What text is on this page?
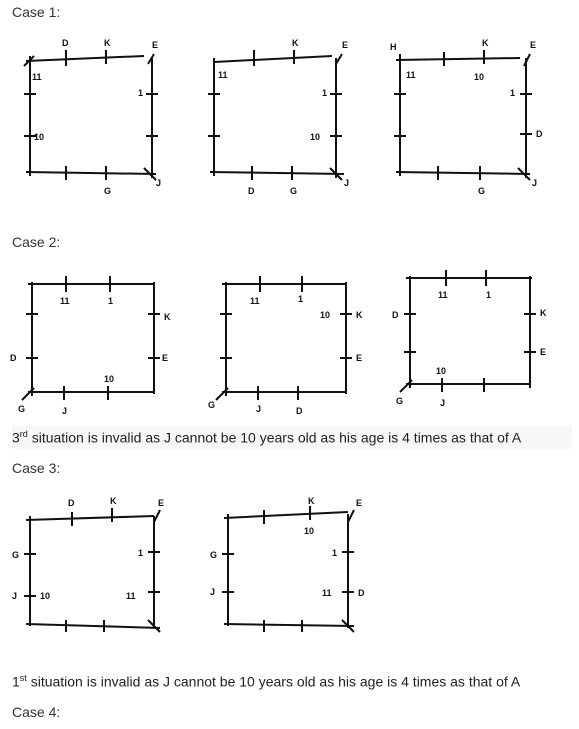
Case 1:
D	K	E
11
1
10
G
J
K	E
11
1
10
D	G
J
H	K	E
11	10
1
D
G
J
Case 2:
11	1
K
D	E
10
G	J
11	1
10	K
E
G	J	D
11	1
D	K
E
10
G	J
3rd situation is invalid as J cannot be 10 years old as his age is 4 times as that of A
Case 3:
D	K	E
1
G
J	10	11
K	E
10
1
G
J	11	D
1st situation is invalid as J cannot be 10 years old as his age is 4 times as that of A
Case 4:
